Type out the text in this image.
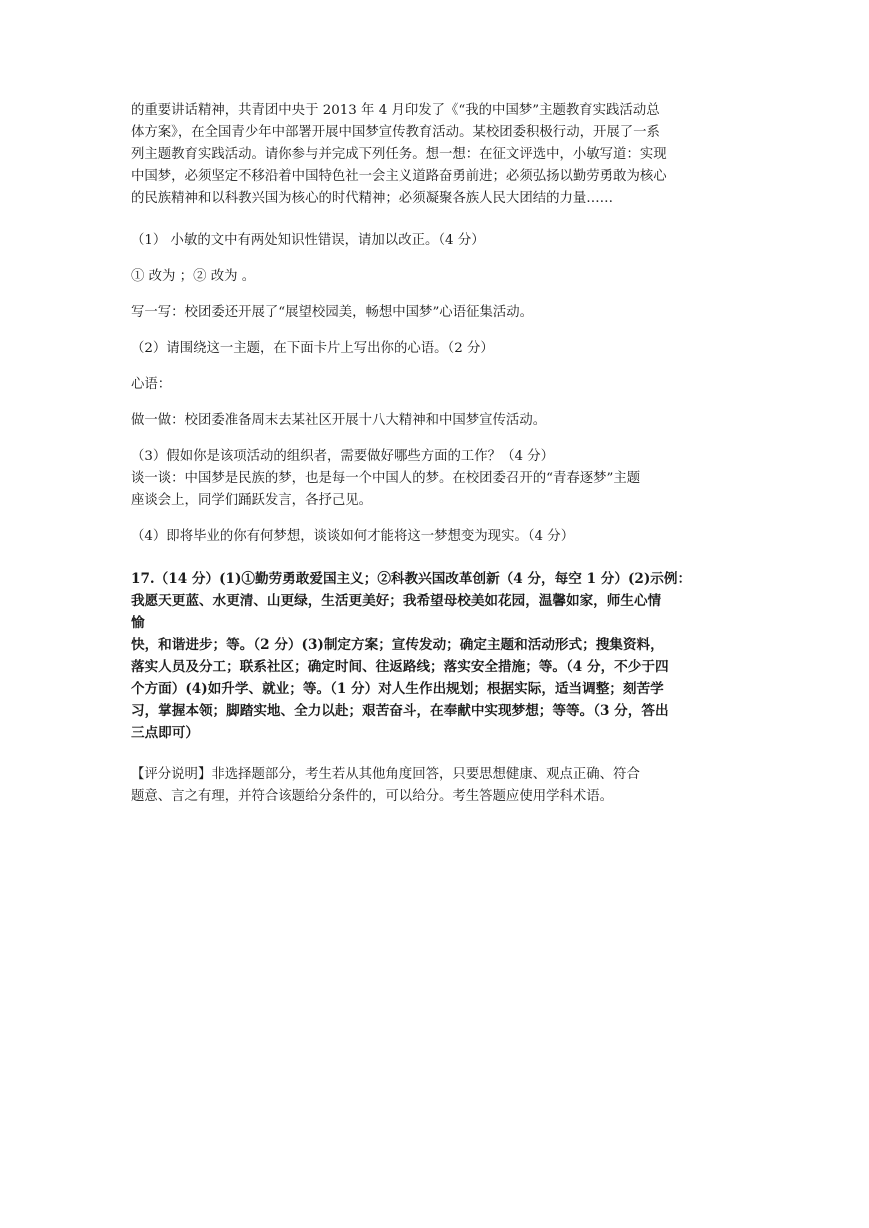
的重要讲话精神，共青团中央于 2013 年 4 月印发了《“我的中国梦”主题教育实践活动总

体方案》，在全国青少年中部署开展中国梦宣传教育活动。某校团委积极行动，开展了一系

列主题教育实践活动。请你参与并完成下列任务。想一想：在征文评选中，小敏写道：实现

中国梦，必须坚定不移沿着中国特色社一会主义道路奋勇前进；必须弘扬以勤劳勇敢为核心

的民族精神和以科教兴国为核心的时代精神；必须凝聚各族人民大团结的力量……

（1） 小敏的文中有两处知识性错误，请加以改正。（4 分）

① 改为 ；② 改为 。

写一写：校团委还开展了“展望校园美，畅想中国梦”心语征集活动。

（2）请围绕这一主题，在下面卡片上写出你的心语。（2 分）

心语：

做一做：校团委准备周末去某社区开展十八大精神和中国梦宣传活动。

（3）假如你是该项活动的组织者，需要做好哪些方面的工作？（4 分）

谈一谈：中国梦是民族的梦，也是每一个中国人的梦。在校团委召开的“青春逐梦”主题

座谈会上，同学们踊跃发言，各抒己见。

（4）即将毕业的你有何梦想，谈谈如何才能将这一梦想变为现实。（4 分）

17.（14 分）(1)①勤劳勇敢爱国主义；②科教兴国改革创新（4 分，每空 1 分）(2)示例：

我愿天更蓝、水更清、山更绿，生活更美好；我希望母校美如花园，温馨如家，师生心情

愉

快，和谐进步；等。（2 分）(3)制定方案；宣传发动；确定主题和活动形式；搜集资料，

落实人员及分工；联系社区；确定时间、往返路线；落实安全措施；等。（4 分，不少于四

个方面）(4)如升学、就业；等。（1 分）对人生作出规划；根据实际，适当调整；刻苦学

习，掌握本领；脚踏实地、全力以赴；艰苦奋斗，在奉献中实现梦想；等等。（3 分，答出

三点即可）

【评分说明】非选择题部分，考生若从其他角度回答，只要思想健康、观点正确、符合

题意、言之有理，并符合该题给分条件的，可以给分。考生答题应使用学科术语。
